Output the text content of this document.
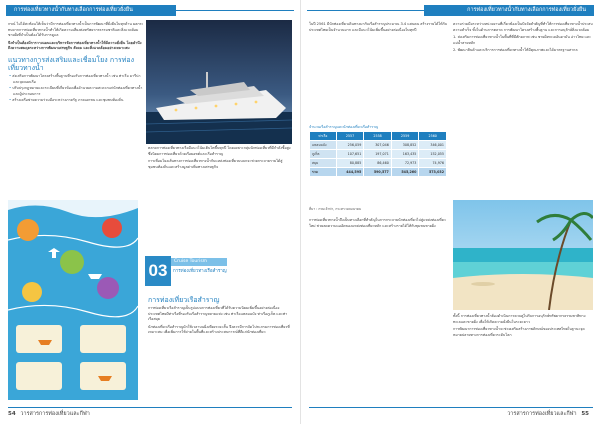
การท่องเที่ยวทางน้ำกับทางเลือกการท่องเที่ยวยั่งยืน

กรณ์ ไม่ได้สะท้อนให้เห็นว่ามีการท่องเที่ยวทางน้ำเป็นการพัฒนาที่ยั่งยืนในทุกด้าน ผลกระทบจากการท่องเที่ยวทางน้ำทำให้เกิดความเสี่ยงต่อทรัพยากรธรรมชาติและสิ่งแวดล้อมชายฝั่งที่จำเป็นต้องได้รับการดูแล

จึงจำเป็นต้องมีการวางแผนและบริหารจัดการท่องเที่ยวทางน้ำให้มีความยั่งยืน โดยคำนึงถึงความสมดุลระหว่างการพัฒนาเศรษฐกิจ สังคม และสิ่งแวดล้อมอย่างเหมาะสม

แนวทางการส่งเสริมและเชื่อมโยง การท่องเที่ยวทางน้ำ
• ส่งเสริมการพัฒนาโครงสร้างพื้นฐานที่รองรับการท่องเที่ยวทางน้ำ เช่น ท่าเรือ มารีน่า และจุดจอดเรือ
• ปรับปรุงกฎหมายและระเบียบที่เกี่ยวข้องเพื่ออำนวยความสะดวกแก่นักท่องเที่ยวทางน้ำ และผู้ประกอบการ
• สร้างเครือข่ายความร่วมมือระหว่างภาครัฐ ภาคเอกชน และชุมชนท้องถิ่น

ตลาดการท่องเที่ยวทางเรือมีแนวโน้มเติบโตขึ้นทุกปี โดยเฉพาะกลุ่มนักท่องเที่ยวที่มีกำลังซื้อสูง ซึ่งนิยมการท่องเที่ยวด้วยเรือยอชต์และเรือสำราญ

การเชื่อมโยงเส้นทางการท่องเที่ยวทางน้ำกับแหล่งท่องเที่ยวบนบกจะช่วยกระจายรายได้สู่ชุมชนท้องถิ่นและสร้างมูลค่าเพิ่มทางเศรษฐกิจ

03	Cruise Tourism
การท่องเที่ยวทางเรือสำราญ
การท่องเที่ยวเรือสำราญ

การท่องเที่ยวเรือสำราญเป็นรูปแบบการท่องเที่ยวที่ได้รับความนิยมเพิ่มขึ้นอย่างต่อเนื่อง ประเทศไทยมีท่าเรือที่รองรับเรือสำราญหลายแห่ง เช่น ท่าเรือแหลมฉบัง ท่าเรือภูเก็ต และท่าเรือสมุย

นักท่องเที่ยวเรือสำราญมักใช้เวลาบนฝั่งเพียงระยะสั้น จึงควรมีการจัดโปรแกรมการท่องเที่ยวที่เหมาะสม เพื่อเพิ่มการใช้จ่ายในพื้นที่และสร้างประสบการณ์ที่ดีแก่นักท่องเที่ยว

54 วารสารการท่องเที่ยวและกีฬา
การท่องเที่ยวทางน้ำกับทางเลือกการท่องเที่ยวยั่งยืน

ในปี 2561 มีนักท่องเที่ยวเดินทางมากับเรือสำราญประมาณ 3.4 แสนคน สร้างรายได้ให้กับประเทศไทยเป็นจำนวนมาก และมีแนวโน้มเพิ่มขึ้นอย่างต่อเนื่องในทุกปี

จำนวนเรือสำราญและนักท่องเที่ยวเรือสำราญ
ท่าเรือ	2557	2558	2559	2560
แหลมฉบัง	256,059	307,046	308,852	346,001
ภูเก็ต	107,651	197,071	163,435	152,055
สมุย	80,885	86,460	72,973	74,976
รวม	444,595	590,577	545,260	573,032
ที่มา : กรมเจ้าท่า, กระทรวงคมนาคม

การท่องเที่ยวทางน้ำจึงเป็นทางเลือกที่สำคัญในการกระจายนักท่องเที่ยวไปสู่แหล่งท่องเที่ยวใหม่ ช่วยลดความแออัดของแหล่งท่องเที่ยวหลัก และสร้างรายได้ให้กับชุมชนชายฝั่ง

ความร่วมมือระหว่างหน่วยงานที่เกี่ยวข้องเป็นปัจจัยสำคัญที่ทำให้การท่องเที่ยวทางน้ำประสบความสำเร็จ ทั้งในด้านการตลาด การพัฒนาโครงสร้างพื้นฐาน และการอนุรักษ์สิ่งแวดล้อม

1. ส่งเสริมการท่องเที่ยวทางน้ำในพื้นที่ที่มีศักยภาพ เช่น ชายฝั่งทะเลอันดามัน อ่าวไทย และแม่น้ำสายหลัก

2. พัฒนาสินค้าและบริการการท่องเที่ยวทางน้ำให้มีคุณภาพและได้มาตรฐานสากล

ทั้งนี้ การท่องเที่ยวทางน้ำต้องดำเนินการควบคู่ไปกับการอนุรักษ์ทรัพยากรธรรมชาติทางทะเลและชายฝั่ง เพื่อให้เกิดความยั่งยืนในระยะยาว

การพัฒนาการท่องเที่ยวทางน้ำจะช่วยเสริมสร้างภาพลักษณ์ของประเทศไทยในฐานะจุดหมายปลายทางการท่องเที่ยวระดับโลก

วารสารการท่องเที่ยวและกีฬา 55
